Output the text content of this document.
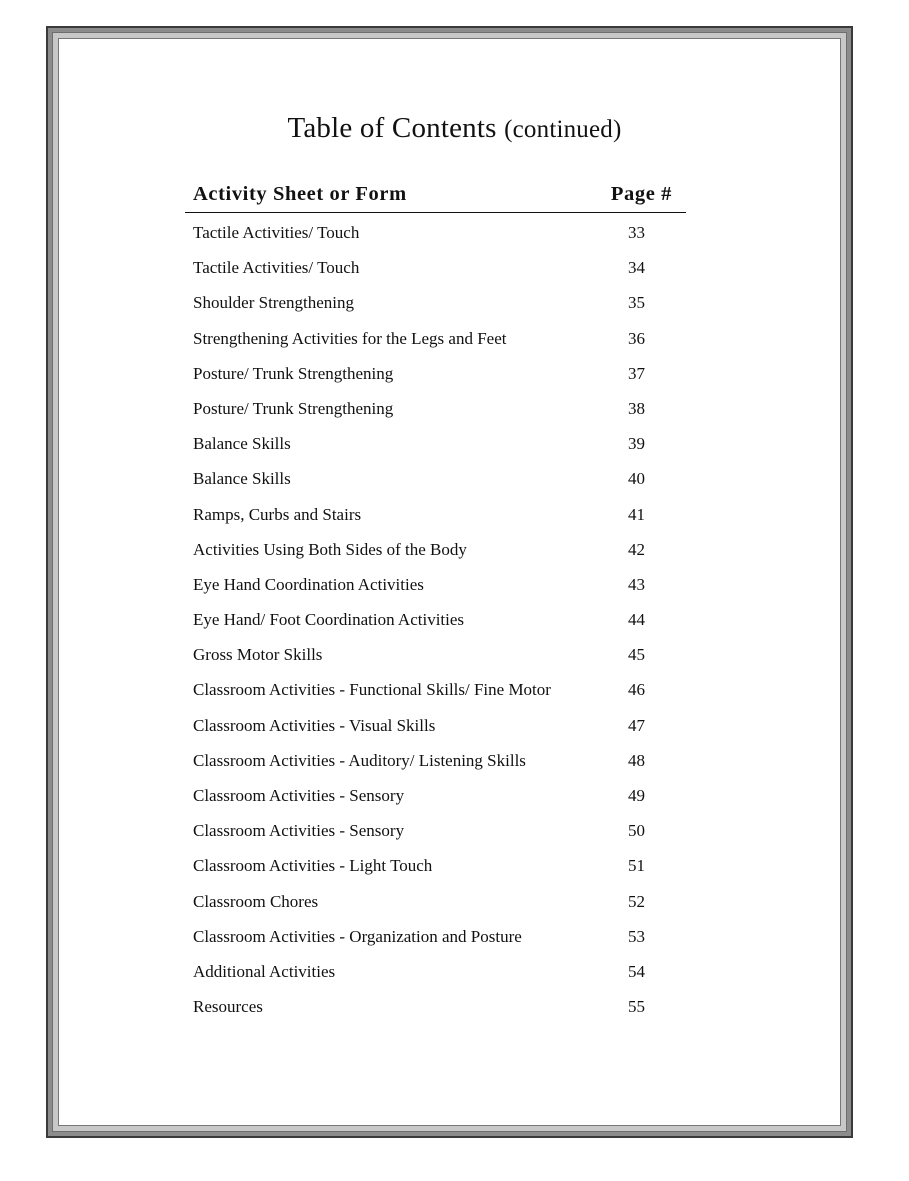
Table of Contents (continued)
Activity Sheet or Form	Page #
Tactile Activities/ Touch	33
Tactile Activities/ Touch	34
Shoulder Strengthening	35
Strengthening Activities for the Legs and Feet	36
Posture/ Trunk Strengthening	37
Posture/ Trunk Strengthening	38
Balance Skills	39
Balance Skills	40
Ramps, Curbs and Stairs	41
Activities Using Both Sides of the Body	42
Eye Hand Coordination Activities	43
Eye Hand/ Foot Coordination Activities	44
Gross Motor Skills	45
Classroom Activities - Functional Skills/ Fine Motor	46
Classroom Activities - Visual Skills	47
Classroom Activities - Auditory/ Listening Skills	48
Classroom Activities - Sensory	49
Classroom Activities - Sensory	50
Classroom Activities - Light Touch	51
Classroom Chores	52
Classroom Activities - Organization and Posture	53
Additional Activities	54
Resources	55
